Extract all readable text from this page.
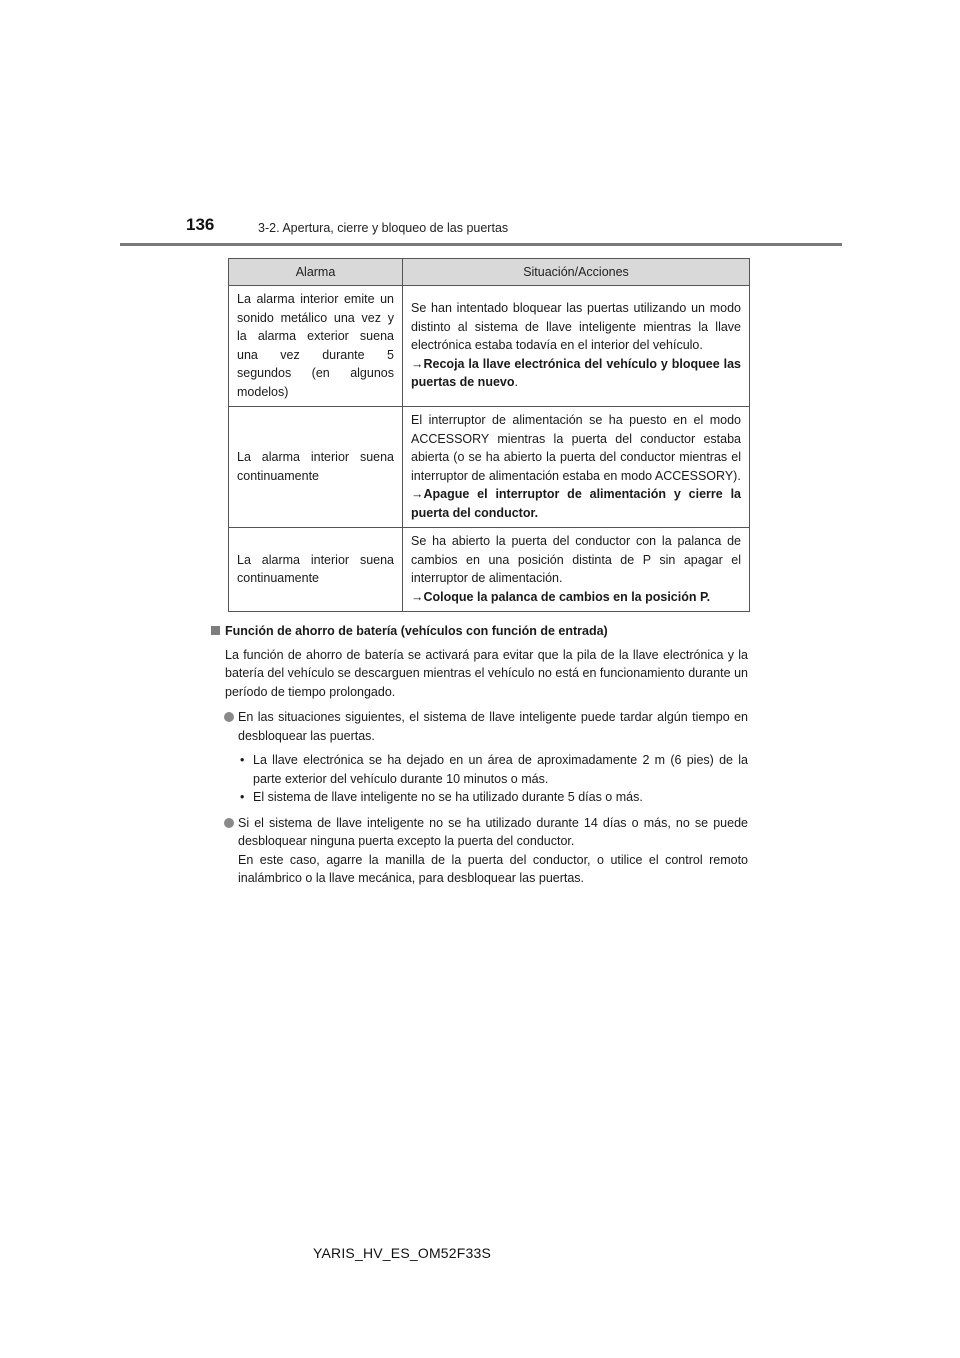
136	3-2. Apertura, cierre y bloqueo de las puertas
Alarma	Situación/Acciones
La alarma interior emite un sonido metálico una vez y la alarma exterior suena una vez durante 5 segundos (en algunos modelos)	Se han intentado bloquear las puertas utilizando un modo distinto al sistema de llave inteligente mientras la llave electrónica estaba todavía en el interior del vehículo.
→Recoja la llave electrónica del vehículo y bloquee las puertas de nuevo.
La alarma interior suena continuamente	El interruptor de alimentación se ha puesto en el modo ACCESSORY mientras la puerta del conductor estaba abierta (o se ha abierto la puerta del conductor mientras el interruptor de alimentación estaba en modo ACCESSORY).
→Apague el interruptor de alimentación y cierre la puerta del conductor.
La alarma interior suena continuamente	Se ha abierto la puerta del conductor con la palanca de cambios en una posición distinta de P sin apagar el interruptor de alimentación.
→Coloque la palanca de cambios en la posición P.
Función de ahorro de batería (vehículos con función de entrada)
La función de ahorro de batería se activará para evitar que la pila de la llave electrónica y la batería del vehículo se descarguen mientras el vehículo no está en funcionamiento durante un período de tiempo prolongado.
En las situaciones siguientes, el sistema de llave inteligente puede tardar algún tiempo en desbloquear las puertas.
• La llave electrónica se ha dejado en un área de aproximadamente 2 m (6 pies) de la parte exterior del vehículo durante 10 minutos o más.
• El sistema de llave inteligente no se ha utilizado durante 5 días o más.
Si el sistema de llave inteligente no se ha utilizado durante 14 días o más, no se puede desbloquear ninguna puerta excepto la puerta del conductor.
En este caso, agarre la manilla de la puerta del conductor, o utilice el control remoto inalámbrico o la llave mecánica, para desbloquear las puertas.
YARIS_HV_ES_OM52F33S
